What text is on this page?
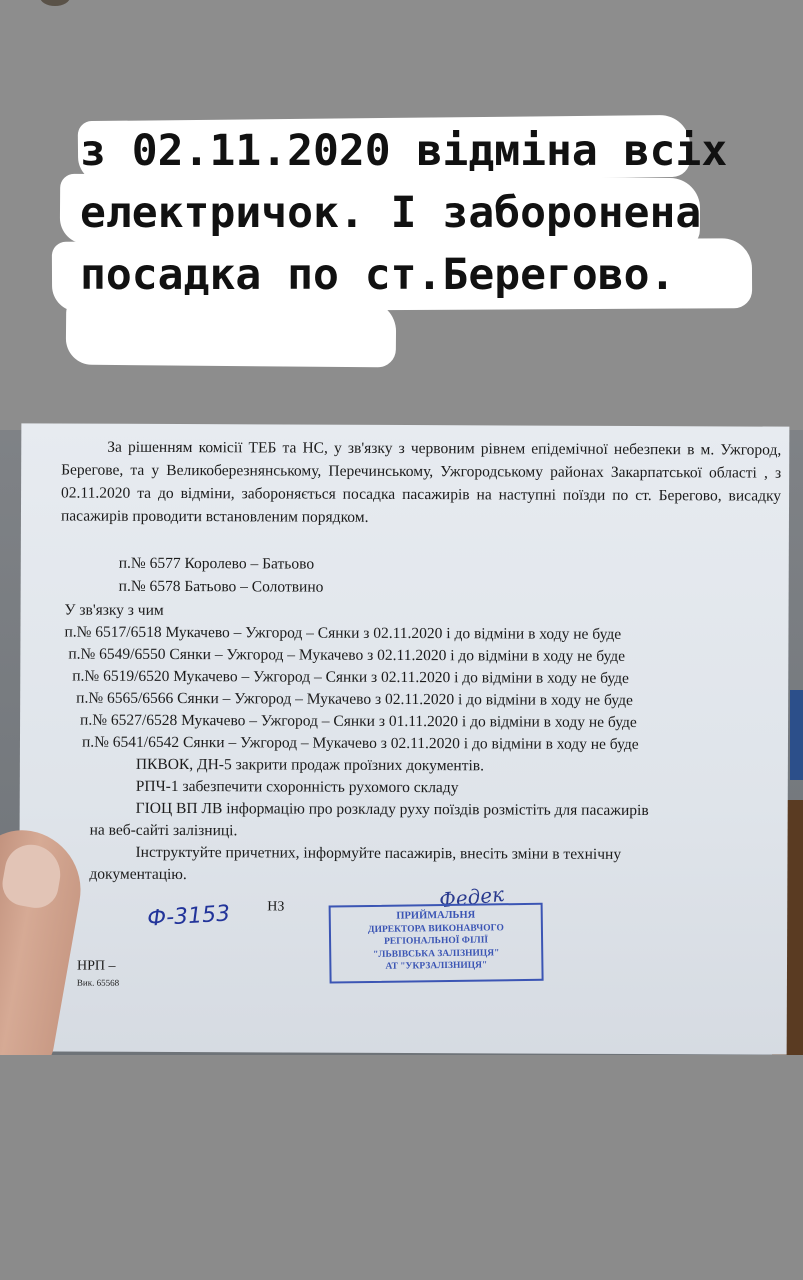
з 02.11.2020 відміна всіх електричок. І заборонена посадка по ст.Берегово.

За рішенням комісії ТЕБ та НС, у зв'язку з червоним рівнем епідемічної небезпеки в м. Ужгород, Берегове, та у Великоберезнянському, Перечинському, Ужгородському районах Закарпатської області , з 02.11.2020 та до відміни, забороняється посадка пасажирів на наступні поїзди по ст. Берегово, висадку пасажирів проводити встановленим порядком.

п.№ 6577 Королево – Батьово

п.№ 6578 Батьово – Солотвино

У зв'язку з чим

п.№ 6517/6518 Мукачево – Ужгород – Сянки з 02.11.2020 і до відміни в ходу не буде

п.№ 6549/6550 Сянки – Ужгород – Мукачево з 02.11.2020 і до відміни в ходу не буде

п.№ 6519/6520 Мукачево – Ужгород – Сянки з 02.11.2020 і до відміни в ходу не буде

п.№ 6565/6566 Сянки – Ужгород – Мукачево з 02.11.2020 і до відміни в ходу не буде

п.№ 6527/6528 Мукачево – Ужгород – Сянки з 01.11.2020 і до відміни в ходу не буде

п.№ 6541/6542 Сянки – Ужгород – Мукачево з 02.11.2020 і до відміни в ходу не буде

ПКВОК, ДН-5 закрити продаж проїзних документів.

РПЧ-1 забезпечити схоронність рухомого складу

ГІОЦ ВП ЛВ інформацію про розкладу руху поїздів розмістіть для пасажирів

на веб-сайті залізниці.

Інструктуйте причетних, інформуйте пасажирів, внесіть зміни в технічну

документацію.

Ф-3153	НЗ	Федек
ПРИЙМАЛЬНЯ
ДИРЕКТОРА ВИКОНАВЧОГО
РЕГІОНАЛЬНОЇ ФІЛІЇ
"ЛЬВІВСЬКА ЗАЛІЗНИЦЯ"
АТ "УКРЗАЛІЗНИЦЯ"
НРП –
Вик. 65568
